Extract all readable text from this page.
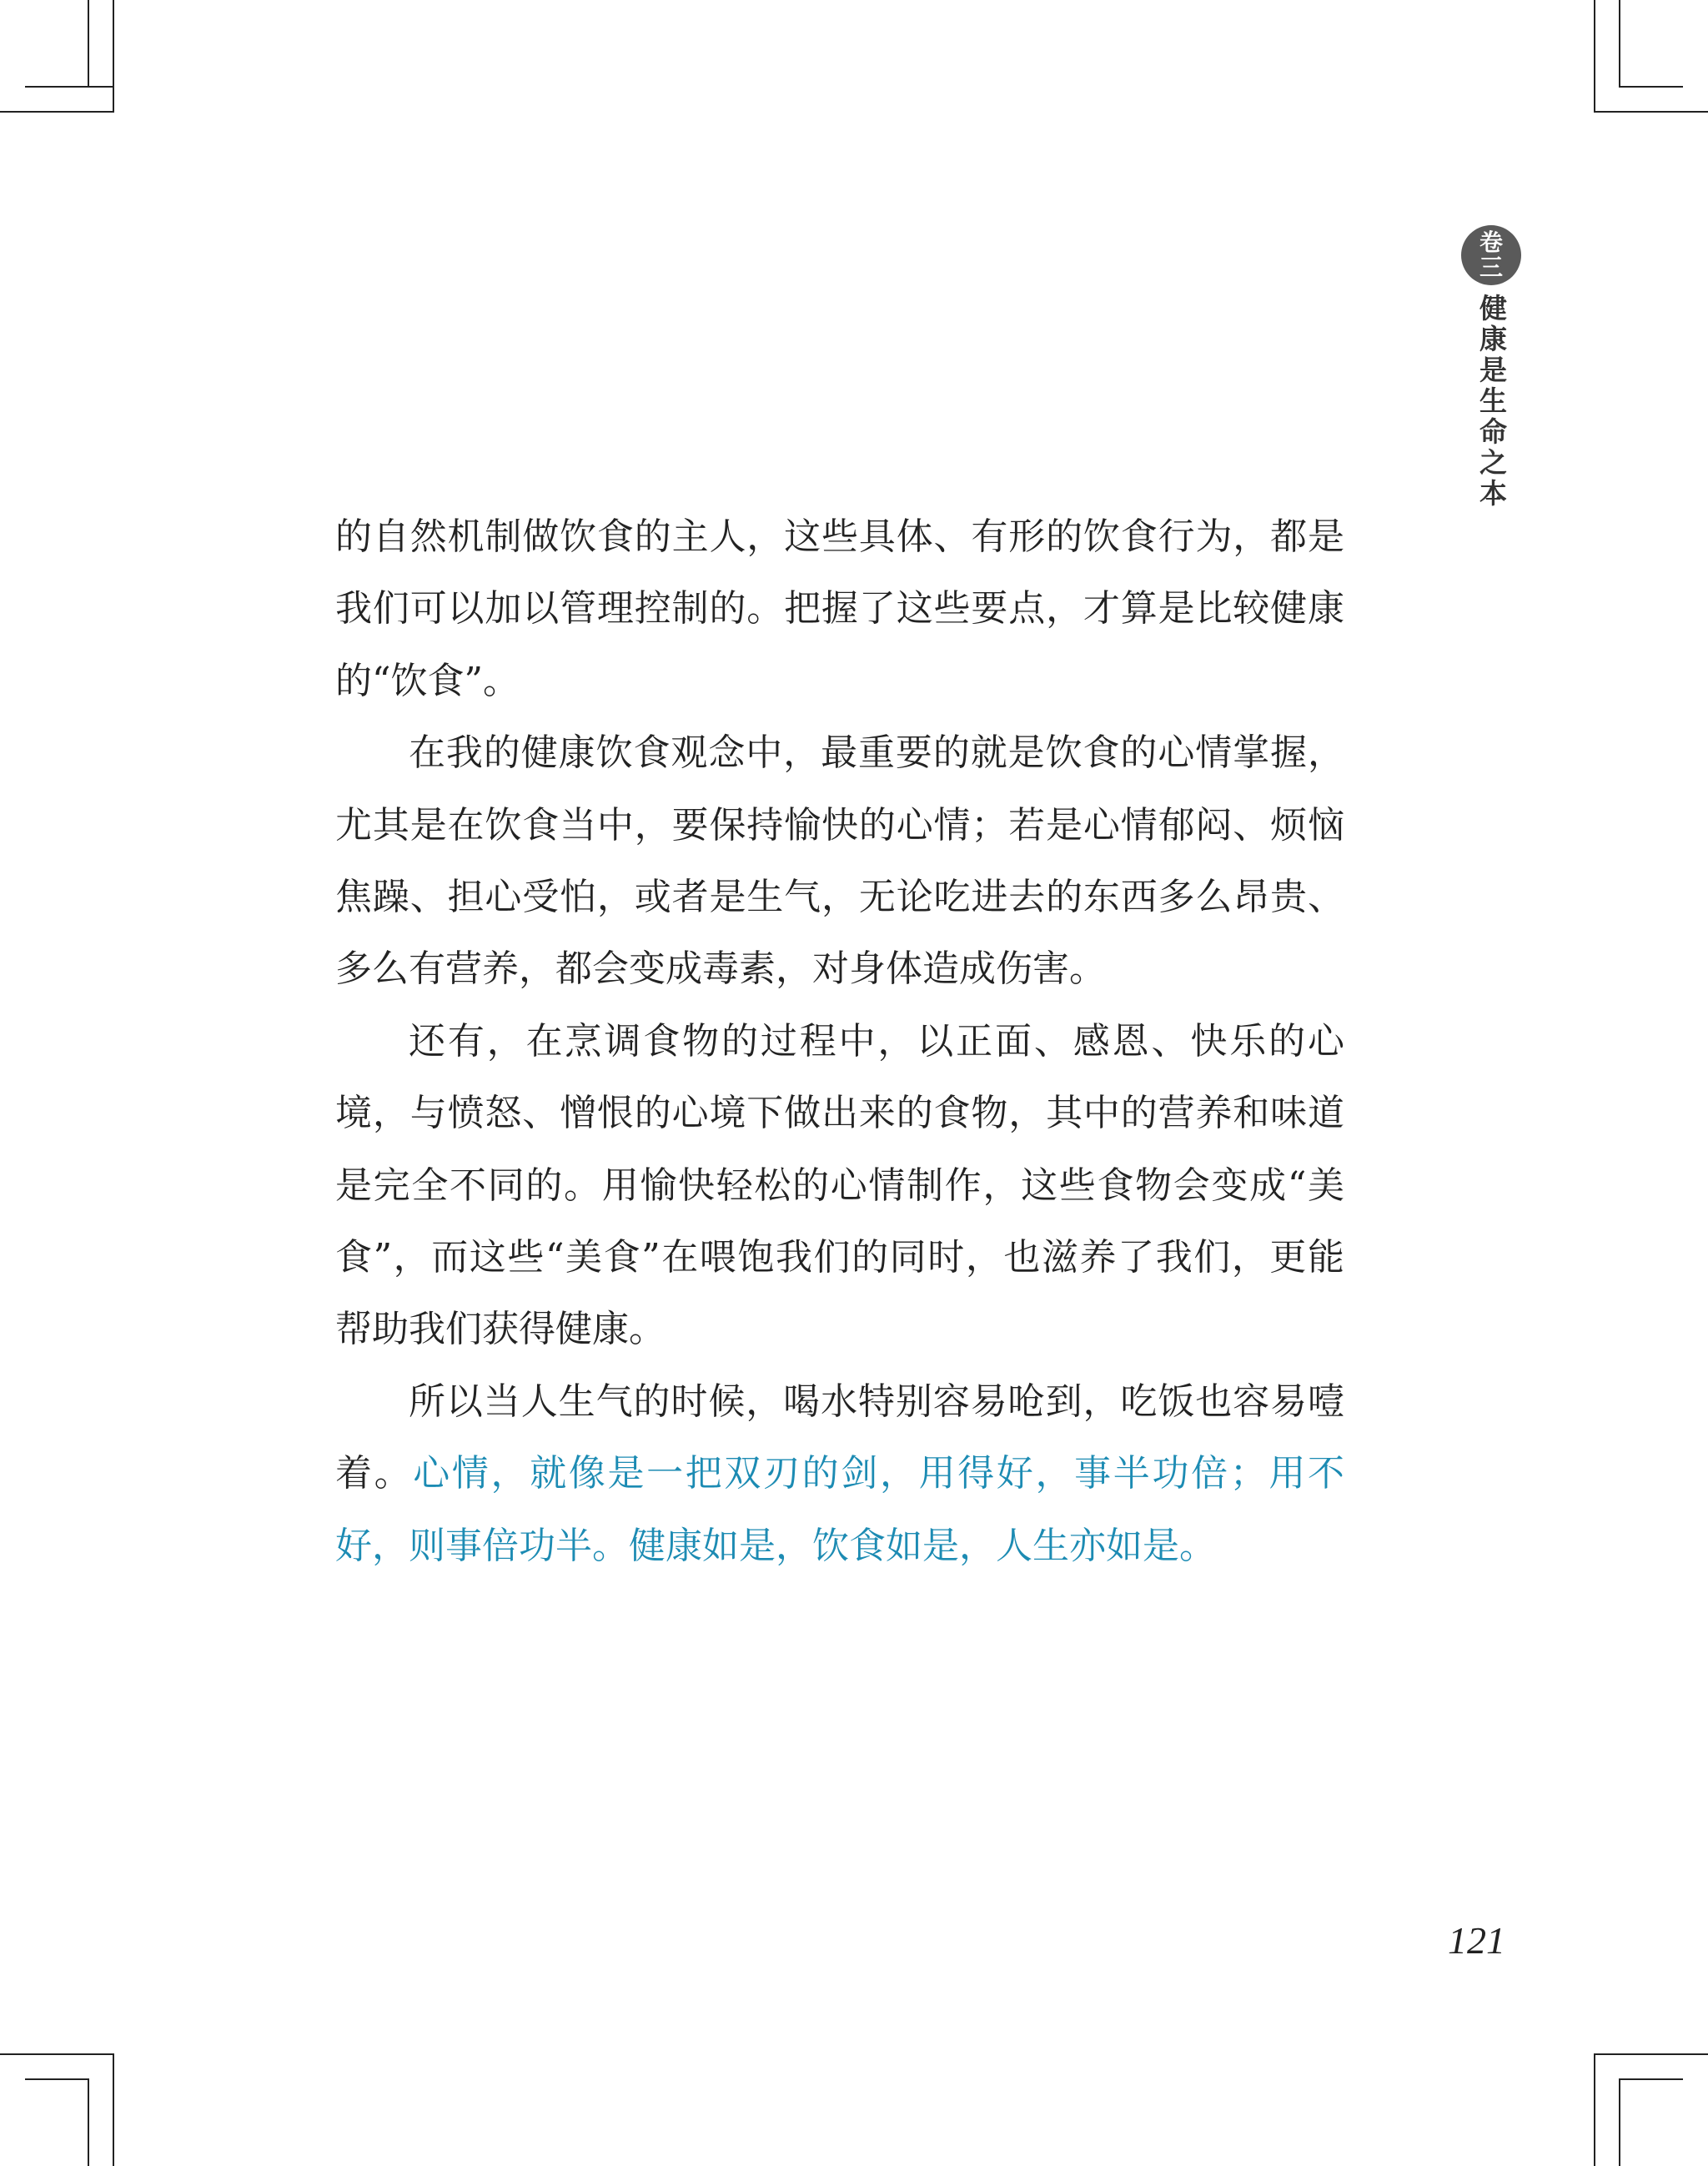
卷
三
健康是生命之本

的自然机制做饮食的主人，这些具体、有形的饮食行为，都是我们可以加以管理控制的。把握了这些要点，才算是比较健康的“饮食”。

在我的健康饮食观念中，最重要的就是饮食的心情掌握，尤其是在饮食当中，要保持愉快的心情；若是心情郁闷、烦恼焦躁、担心受怕，或者是生气，无论吃进去的东西多么昂贵、多么有营养，都会变成毒素，对身体造成伤害。

还有，在烹调食物的过程中，以正面、感恩、快乐的心境，与愤怒、憎恨的心境下做出来的食物，其中的营养和味道是完全不同的。用愉快轻松的心情制作，这些食物会变成“美食”，而这些“美食”在喂饱我们的同时，也滋养了我们，更能帮助我们获得健康。

所以当人生气的时候，喝水特别容易呛到，吃饭也容易噎着。心情，就像是一把双刃的剑，用得好，事半功倍；用不好，则事倍功半。健康如是，饮食如是，人生亦如是。

121
